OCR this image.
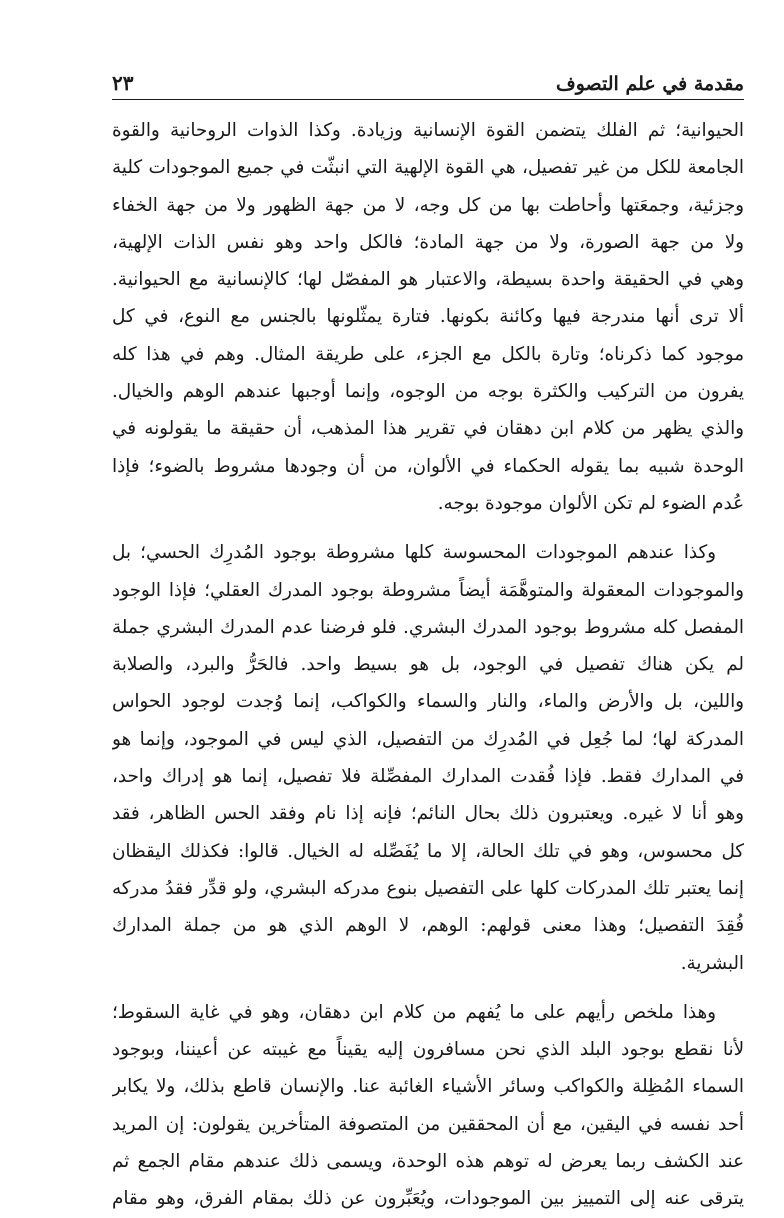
مقدمة في علم التصوف
٢٣
الحيوانية؛ ثم الفلك يتضمن القوة الإنسانية وزيادة. وكذا الذوات الروحانية والقوة
الجامعة للكل من غير تفصيل، هي القوة الإلهية التي انبثّت في جميع الموجودات كلية
وجزئية، وجمعَتها وأحاطت بها من كل وجه، لا من جهة الظهور ولا من جهة الخفاء
ولا من جهة الصورة، ولا من جهة المادة؛ فالكل واحد وهو نفس الذات الإلهية،
وهي في الحقيقة واحدة بسيطة، والاعتبار هو المفصّل لها؛ كالإنسانية مع الحيوانية.
ألا ترى أنها مندرجة فيها وكائنة بكونها. فتارة يمثّلونها بالجنس مع النوع، في كل
موجود كما ذكرناه؛ وتارة بالكل مع الجزء، على طريقة المثال. وهم في هذا كله
يفرون من التركيب والكثرة بوجه من الوجوه، وإنما أوجبها عندهم الوهم والخيال.
والذي يظهر من كلام ابن دهقان في تقرير هذا المذهب، أن حقيقة ما يقولونه في
الوحدة شبيه بما يقوله الحكماء في الألوان، من أن وجودها مشروط بالضوء؛ فإذا
عُدم الضوء لم تكن الألوان موجودة بوجه.
وكذا عندهم الموجودات المحسوسة كلها مشروطة بوجود المُدرِك الحسي؛ بل
والموجودات المعقولة والمتوهَّمَة أيضاً مشروطة بوجود المدرك العقلي؛ فإذا الوجود
المفصل كله مشروط بوجود المدرك البشري. فلو فرضنا عدم المدرك البشري جملة
لم يكن هناك تفصيل في الوجود، بل هو بسيط واحد. فالحَرُّ والبرد، والصلابة
واللين، بل والأرض والماء، والنار والسماء والكواكب، إنما وُجدت لوجود الحواس
المدركة لها؛ لما جُعِل في المُدرِك من التفصيل، الذي ليس في الموجود، وإنما هو
في المدارك فقط. فإذا فُقدت المدارك المفصِّلة فلا تفصيل، إنما هو إدراك واحد،
وهو أنا لا غيره. ويعتبرون ذلك بحال النائم؛ فإنه إذا نام وفقد الحس الظاهر، فقد
كل محسوس، وهو في تلك الحالة، إلا ما يُفَصِّله له الخيال. قالوا: فكذلك اليقظان
إنما يعتبر تلك المدركات كلها على التفصيل بنوع مدركه البشري، ولو قدِّر فقدُ مدركه
فُقِدَ التفصيل؛ وهذا معنى قولهم: الوهم، لا الوهم الذي هو من جملة المدارك
البشرية.
وهذا ملخص رأيهم على ما يُفهم من كلام ابن دهقان، وهو في غاية السقوط؛
لأنا نقطع بوجود البلد الذي نحن مسافرون إليه يقيناً مع غيبته عن أعيننا، وبوجود
السماء المُظِلة والكواكب وسائر الأشياء الغائبة عنا. والإنسان قاطع بذلك، ولا يكابر
أحد نفسه في اليقين، مع أن المحققين من المتصوفة المتأخرين يقولون: إن المريد
عند الكشف ربما يعرض له توهم هذه الوحدة، ويسمى ذلك عندهم مقام الجمع ثم
يترقى عنه إلى التمييز بين الموجودات، ويُعَبِّرون عن ذلك بمقام الفرق، وهو مقام
